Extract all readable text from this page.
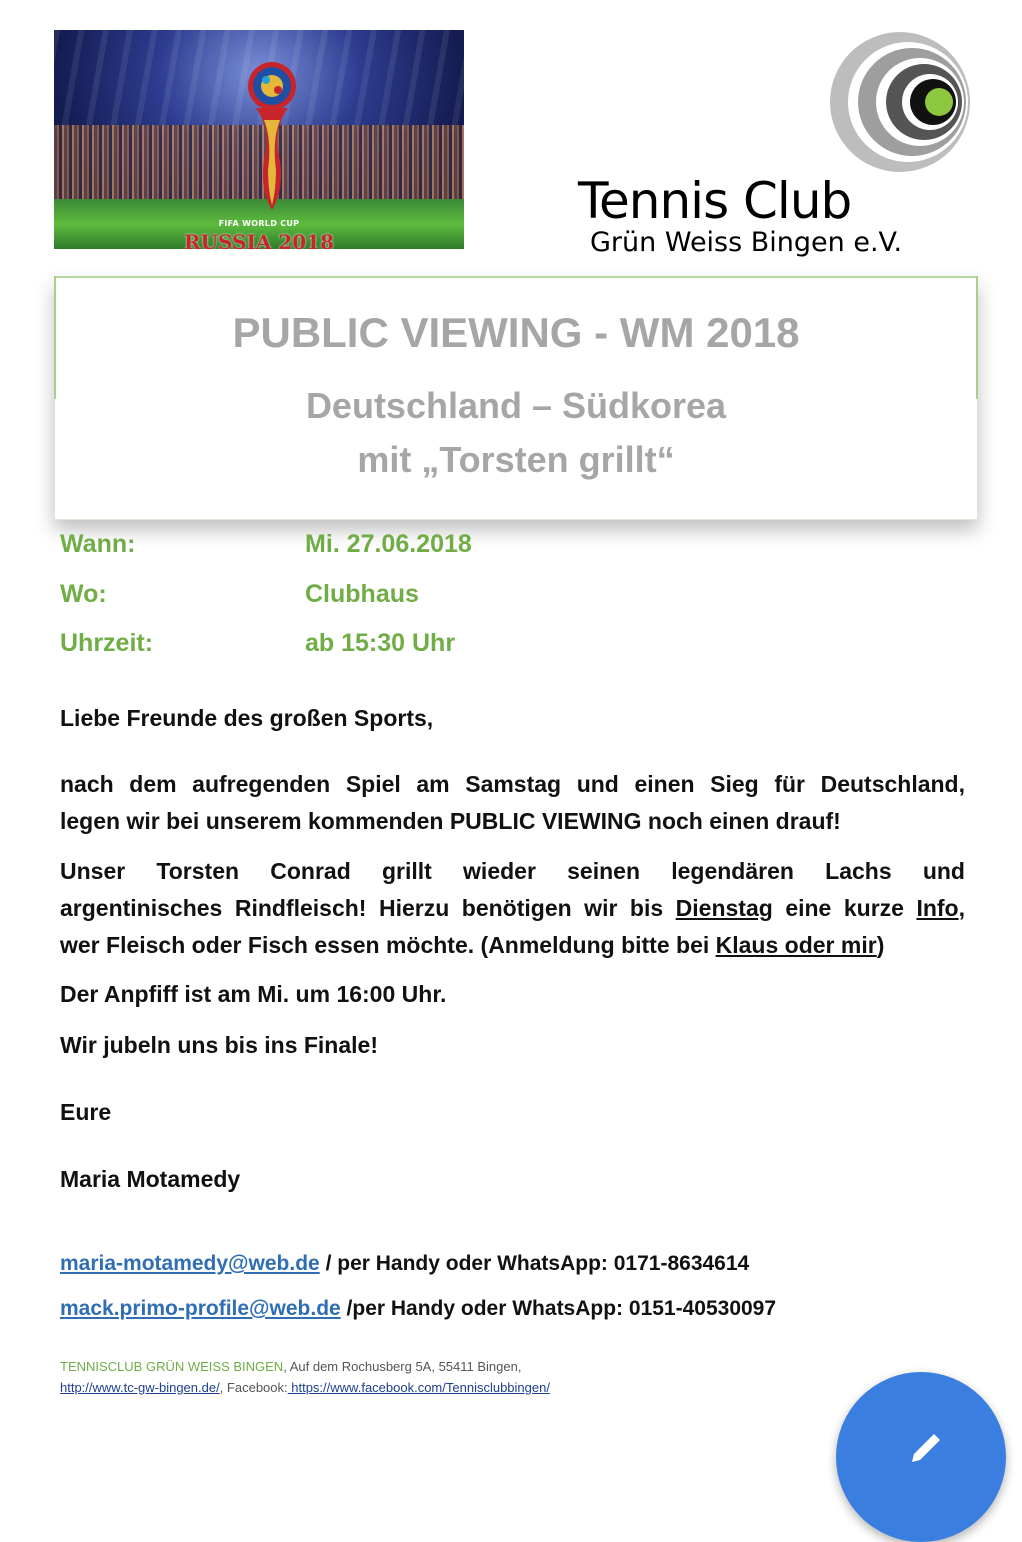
FIFA WORLD CUP
RUSSIA 2018
Tennis Club
Grün Weiss Bingen e.V.
PUBLIC VIEWING - WM 2018
Deutschland – Südkorea
mit „Torsten grillt“
Wann:	Mi. 27.06.2018
Wo:	Clubhaus
Uhrzeit:	ab 15:30 Uhr
Liebe Freunde des großen Sports,
nach dem aufregenden Spiel am Samstag und einen Sieg für Deutschland,
legen wir bei unserem kommenden PUBLIC VIEWING noch einen drauf!
Unser Torsten Conrad grillt wieder seinen legendären Lachs und
argentinisches Rindfleisch! Hierzu benötigen wir bis Dienstag eine kurze Info,
wer Fleisch oder Fisch essen möchte. (Anmeldung bitte bei Klaus oder mir)
Der Anpfiff ist am Mi. um 16:00 Uhr.
Wir jubeln uns bis ins Finale!
Eure
Maria Motamedy
maria-motamedy@web.de / per Handy oder WhatsApp: 0171-8634614
mack.primo-profile@web.de /per Handy oder WhatsApp: 0151-40530097
TENNISCLUB GRÜN WEISS BINGEN, Auf dem Rochusberg 5A, 55411 Bingen,
http://www.tc-gw-bingen.de/, Facebook: https://www.facebook.com/Tennisclubbingen/
